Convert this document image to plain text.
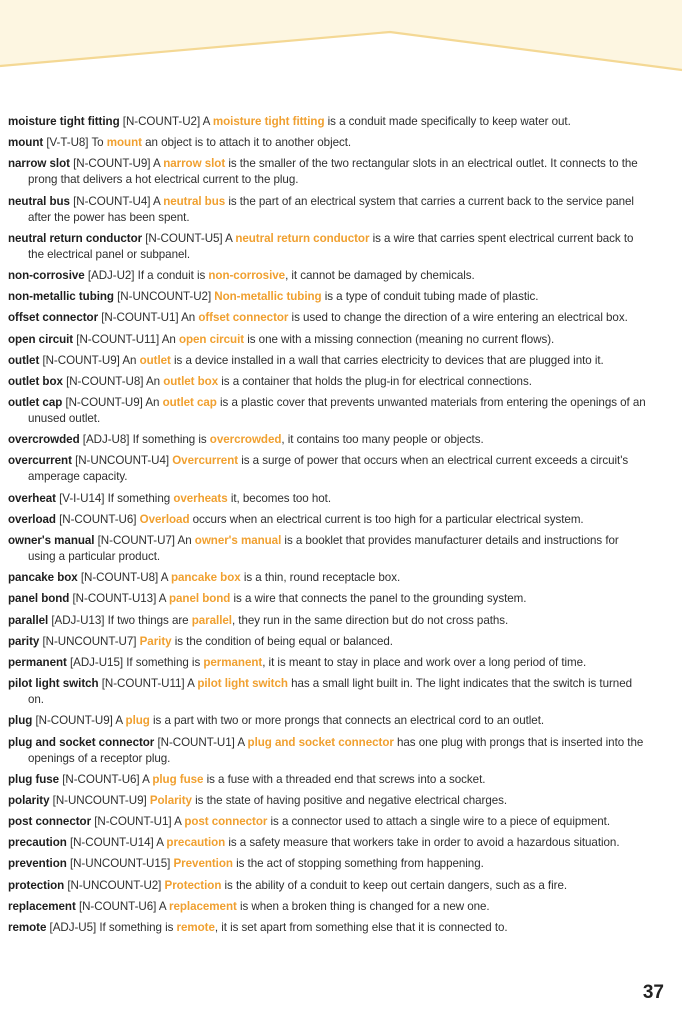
moisture tight fitting [N-COUNT-U2] A moisture tight fitting is a conduit made specifically to keep water out.

mount [V-T-U8] To mount an object is to attach it to another object.

narrow slot [N-COUNT-U9] A narrow slot is the smaller of the two rectangular slots in an electrical outlet. It connects to the prong that delivers a hot electrical current to the plug.

neutral bus [N-COUNT-U4] A neutral bus is the part of an electrical system that carries a current back to the service panel after the power has been spent.

neutral return conductor [N-COUNT-U5] A neutral return conductor is a wire that carries spent electrical current back to the electrical panel or subpanel.

non-corrosive [ADJ-U2] If a conduit is non-corrosive, it cannot be damaged by chemicals.

non-metallic tubing [N-UNCOUNT-U2] Non-metallic tubing is a type of conduit tubing made of plastic.

offset connector [N-COUNT-U1] An offset connector is used to change the direction of a wire entering an electrical box.

open circuit [N-COUNT-U11] An open circuit is one with a missing connection (meaning no current flows).

outlet [N-COUNT-U9] An outlet is a device installed in a wall that carries electricity to devices that are plugged into it.

outlet box [N-COUNT-U8] An outlet box is a container that holds the plug-in for electrical connections.

outlet cap [N-COUNT-U9] An outlet cap is a plastic cover that prevents unwanted materials from entering the openings of an unused outlet.

overcrowded [ADJ-U8] If something is overcrowded, it contains too many people or objects.

overcurrent [N-UNCOUNT-U4] Overcurrent is a surge of power that occurs when an electrical current exceeds a circuit's amperage capacity.

overheat [V-I-U14] If something overheats it, becomes too hot.

overload [N-COUNT-U6] Overload occurs when an electrical current is too high for a particular electrical system.

owner's manual [N-COUNT-U7] An owner's manual is a booklet that provides manufacturer details and instructions for using a particular product.

pancake box [N-COUNT-U8] A pancake box is a thin, round receptacle box.

panel bond [N-COUNT-U13] A panel bond is a wire that connects the panel to the grounding system.

parallel [ADJ-U13] If two things are parallel, they run in the same direction but do not cross paths.

parity [N-UNCOUNT-U7] Parity is the condition of being equal or balanced.

permanent [ADJ-U15] If something is permanent, it is meant to stay in place and work over a long period of time.

pilot light switch [N-COUNT-U11] A pilot light switch has a small light built in. The light indicates that the switch is turned on.

plug [N-COUNT-U9] A plug is a part with two or more prongs that connects an electrical cord to an outlet.

plug and socket connector [N-COUNT-U1] A plug and socket connector has one plug with prongs that is inserted into the openings of a receptor plug.

plug fuse [N-COUNT-U6] A plug fuse is a fuse with a threaded end that screws into a socket.

polarity [N-UNCOUNT-U9] Polarity is the state of having positive and negative electrical charges.

post connector [N-COUNT-U1] A post connector is a connector used to attach a single wire to a piece of equipment.

precaution [N-COUNT-U14] A precaution is a safety measure that workers take in order to avoid a hazardous situation.

prevention [N-UNCOUNT-U15] Prevention is the act of stopping something from happening.

protection [N-UNCOUNT-U2] Protection is the ability of a conduit to keep out certain dangers, such as a fire.

replacement [N-COUNT-U6] A replacement is when a broken thing is changed for a new one.

remote [ADJ-U5] If something is remote, it is set apart from something else that it is connected to.

37
